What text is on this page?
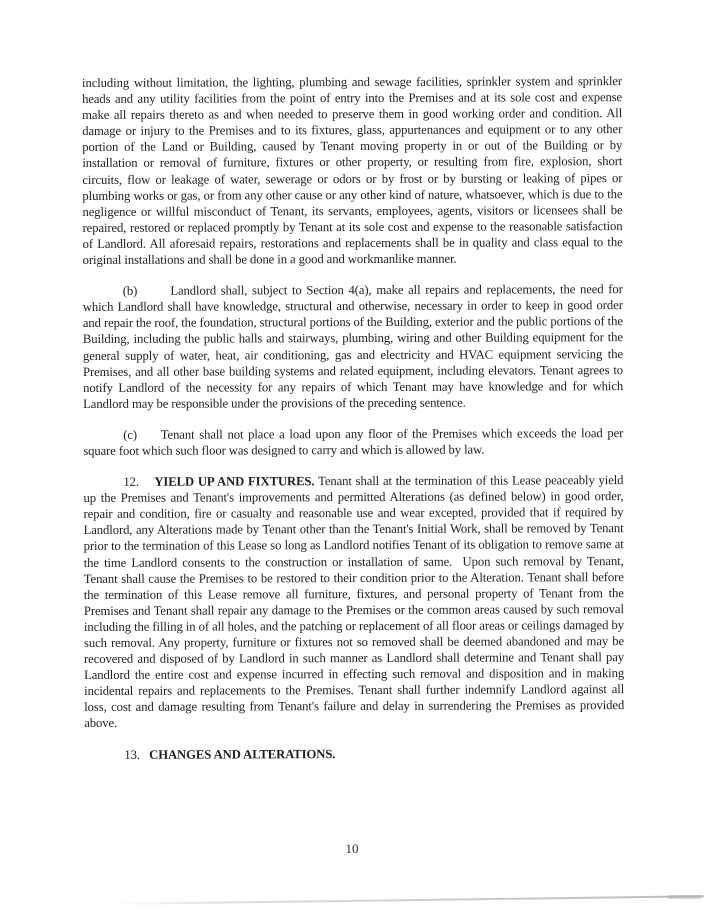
including without limitation, the lighting, plumbing and sewage facilities, sprinkler system and sprinkler heads and any utility facilities from the point of entry into the Premises and at its sole cost and expense make all repairs thereto as and when needed to preserve them in good working order and condition. All damage or injury to the Premises and to its fixtures, glass, appurtenances and equipment or to any other portion of the Land or Building, caused by Tenant moving property in or out of the Building or by installation or removal of furniture, fixtures or other property, or resulting from fire, explosion, short circuits, flow or leakage of water, sewerage or odors or by frost or by bursting or leaking of pipes or plumbing works or gas, or from any other cause or any other kind of nature, whatsoever, which is due to the negligence or willful misconduct of Tenant, its servants, employees, agents, visitors or licensees shall be repaired, restored or replaced promptly by Tenant at its sole cost and expense to the reasonable satisfaction of Landlord. All aforesaid repairs, restorations and replacements shall be in quality and class equal to the original installations and shall be done in a good and workmanlike manner.

(b)       Landlord shall, subject to Section 4(a), make all repairs and replacements, the need for which Landlord shall have knowledge, structural and otherwise, necessary in order to keep in good order and repair the roof, the foundation, structural portions of the Building, exterior and the public portions of the Building, including the public halls and stairways, plumbing, wiring and other Building equipment for the general supply of water, heat, air conditioning, gas and electricity and HVAC equipment servicing the Premises, and all other base building systems and related equipment, including elevators. Tenant agrees to notify Landlord of the necessity for any repairs of which Tenant may have knowledge and for which Landlord may be responsible under the provisions of the preceding sentence.

(c)     Tenant shall not place a load upon any floor of the Premises which exceeds the load per square foot which such floor was designed to carry and which is allowed by law.

12.    YIELD UP AND FIXTURES. Tenant shall at the termination of this Lease peaceably yield up the Premises and Tenant's improvements and permitted Alterations (as defined below) in good order, repair and condition, fire or casualty and reasonable use and wear excepted, provided that if required by Landlord, any Alterations made by Tenant other than the Tenant's Initial Work, shall be removed by Tenant prior to the termination of this Lease so long as Landlord notifies Tenant of its obligation to remove same at the time Landlord consents to the construction or installation of same.  Upon such removal by Tenant, Tenant shall cause the Premises to be restored to their condition prior to the Alteration. Tenant shall before the termination of this Lease remove all furniture, fixtures, and personal property of Tenant from the Premises and Tenant shall repair any damage to the Premises or the common areas caused by such removal including the filling in of all holes, and the patching or replacement of all floor areas or ceilings damaged by such removal. Any property, furniture or fixtures not so removed shall be deemed abandoned and may be recovered and disposed of by Landlord in such manner as Landlord shall determine and Tenant shall pay Landlord the entire cost and expense incurred in effecting such removal and disposition and in making incidental repairs and replacements to the Premises. Tenant shall further indemnify Landlord against all loss, cost and damage resulting from Tenant's failure and delay in surrendering the Premises as provided above.

13.   CHANGES AND ALTERATIONS.

10
